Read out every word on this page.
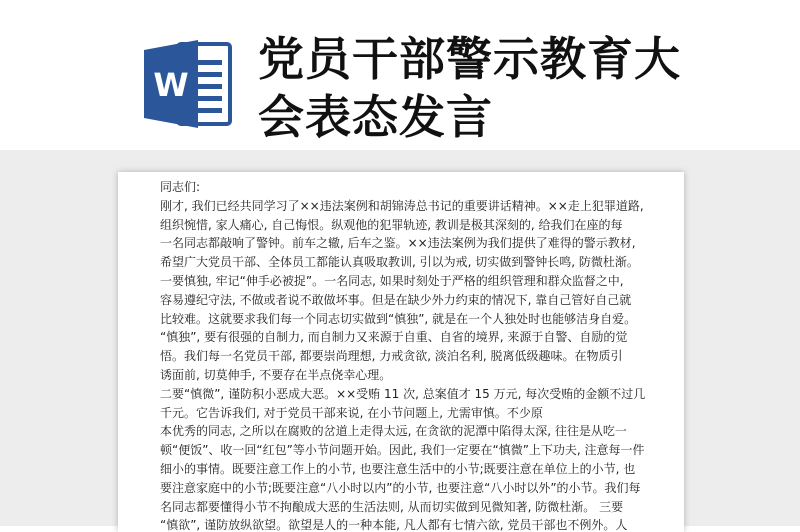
W 党员干部警示教育大
会表态发言

同志们:

刚才, 我们已经共同学习了××违法案例和胡锦涛总书记的重要讲话精神。××走上犯罪道路,

组织惋惜, 家人痛心, 自己悔恨。纵观他的犯罪轨迹, 教训是极其深刻的, 给我们在座的每

一名同志都敲响了警钟。前车之辙, 后车之鉴。××违法案例为我们提供了难得的警示教材,

希望广大党员干部、全体员工都能认真吸取教训, 引以为戒, 切实做到警钟长鸣, 防微杜渐。

一要慎独, 牢记“伸手必被捉”。一名同志, 如果时刻处于严格的组织管理和群众监督之中,

容易遵纪守法, 不做或者说不敢做坏事。但是在缺少外力约束的情况下, 靠自己管好自己就

比较难。这就要求我们每一个同志切实做到“慎独”, 就是在一个人独处时也能够洁身自爱。

“慎独”, 要有很强的自制力, 而自制力又来源于自重、自省的境界, 来源于自警、自励的觉

悟。我们每一名党员干部, 都要崇尚理想, 力戒贪欲, 淡泊名利, 脱离低级趣味。在物质引

诱面前, 切莫伸手, 不要存在半点侥幸心理。

二要“慎微”, 谨防积小恶成大恶。××受贿 11 次, 总案值才 15 万元, 每次受贿的金额不过几

千元。它告诉我们, 对于党员干部来说, 在小节问题上, 尤需审慎。不少原

本优秀的同志, 之所以在腐败的岔道上走得太远, 在贪欲的泥潭中陷得太深, 往往是从吃一

顿“便饭”、收一回“红包”等小节问题开始。因此, 我们一定要在“慎微”上下功夫, 注意每一件

细小的事情。既要注意工作上的小节, 也要注意生活中的小节;既要注意在单位上的小节, 也

要注意家庭中的小节;既要注意“八小时以内”的小节, 也要注意“八小时以外”的小节。我们每

名同志都要懂得小节不拘酿成大恶的生活法则, 从而切实做到见微知著, 防微杜渐。 三要

“慎欲”, 谨防放纵欲望。欲望是人的一种本能, 凡人都有七情六欲, 党员干部也不例外。人
